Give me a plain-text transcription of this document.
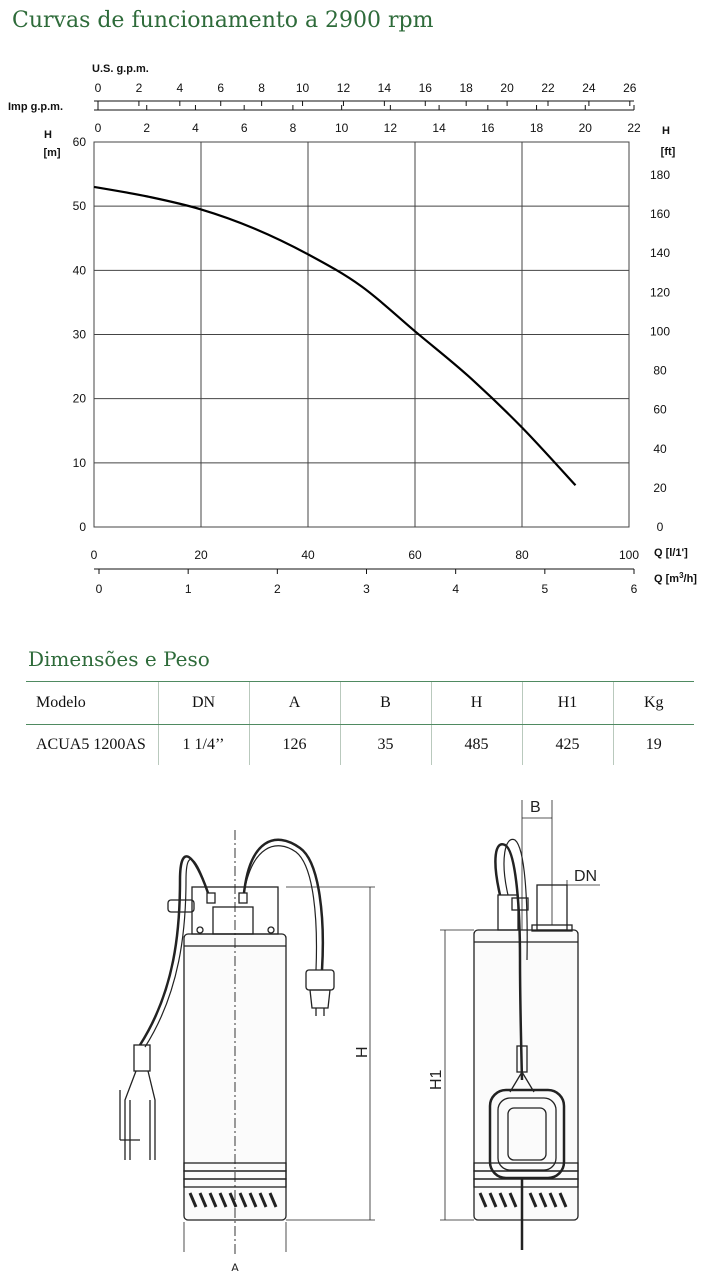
Curvas de funcionamento a 2900 rpm
0
10
20
30
40
50
60
0	20	40	60	80	100
0
20
40
60
80
100
120
140
160
180
H
[m]
H
[ft]
0	2	4	6	8	10 12 14 16 18 20 22 24 26
U.S. g.p.m.
0	2	4	6	8	10	12	14	16	18	20	22
Imp g.p.m.
0	1	2	3	4	5	6
Q [l/1']
Q $[m^3/h]$
Dimensões e Peso
Modelo	DN	A	B	H	H1	Kg
ACUA5 1200AS	1 1/4’’	126	35	485	425	19
H
H1
B
DN
A
